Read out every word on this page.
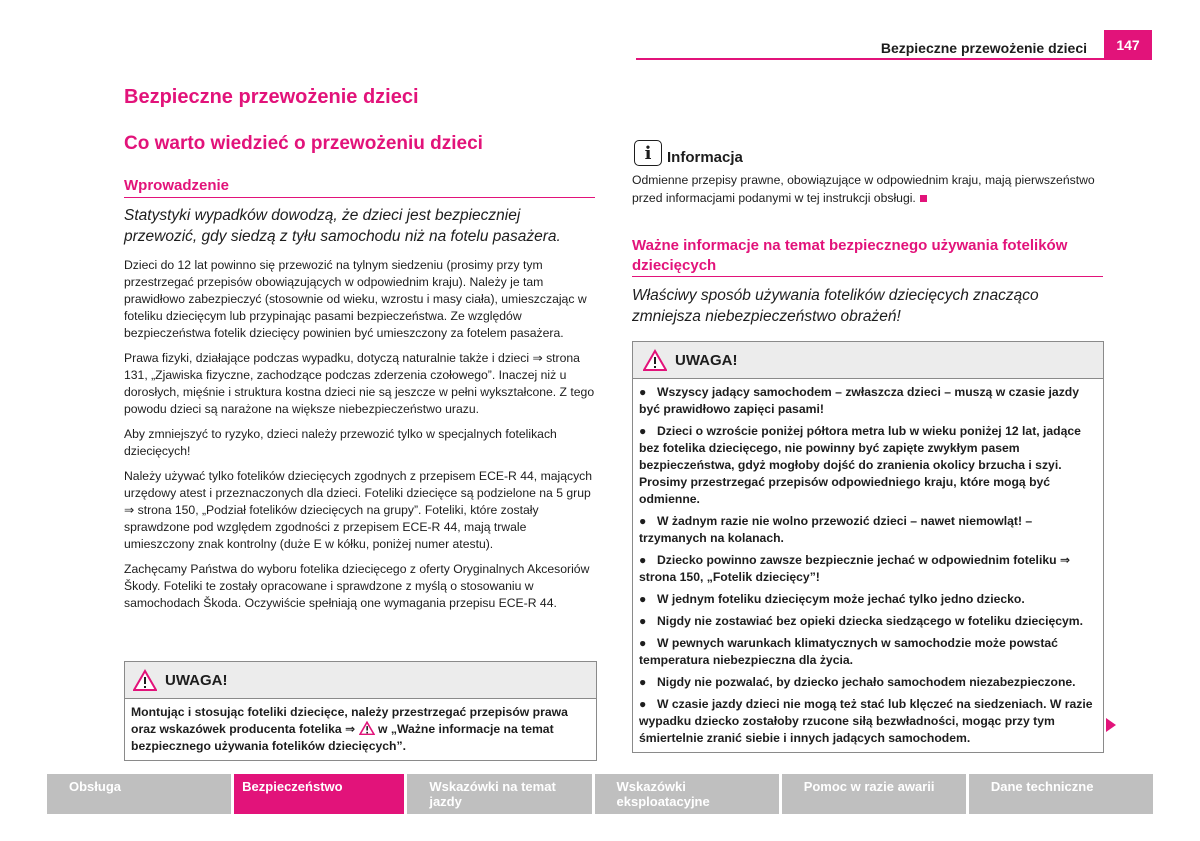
Bezpieczne przewożenie dzieci	147
Bezpieczne przewożenie dzieci
Co warto wiedzieć o przewożeniu dzieci
Wprowadzenie
Statystyki wypadków dowodzą, że dzieci jest bezpieczniej przewozić, gdy siedzą z tyłu samochodu niż na fotelu pasażera.

Dzieci do 12 lat powinno się przewozić na tylnym siedzeniu (prosimy przy tym przestrzegać przepisów obowiązujących w odpowiednim kraju). Należy je tam prawidłowo zabezpieczyć (stosownie od wieku, wzrostu i masy ciała), umieszczając w foteliku dziecięcym lub przypinając pasami bezpieczeństwa. Ze względów bezpieczeństwa fotelik dziecięcy powinien być umieszczony za fotelem pasażera.

Prawa fizyki, działające podczas wypadku, dotyczą naturalnie także i dzieci ⇒ strona 131, „Zjawiska fizyczne, zachodzące podczas zderzenia czołowego”. Inaczej niż u dorosłych, mięśnie i struktura kostna dzieci nie są jeszcze w pełni wykształcone. Z tego powodu dzieci są narażone na większe niebezpieczeństwo urazu.

Aby zmniejszyć to ryzyko, dzieci należy przewozić tylko w specjalnych fotelikach dziecięcych!

Należy używać tylko fotelików dziecięcych zgodnych z przepisem ECE-R 44, mających urzędowy atest i przeznaczonych dla dzieci. Foteliki dziecięce są podzielone na 5 grup ⇒ strona 150, „Podział fotelików dziecięcych na grupy”. Foteliki, które zostały sprawdzone pod względem zgodności z przepisem ECE-R 44, mają trwale umieszczony znak kontrolny (duże E w kółku, poniżej numer atestu).

Zachęcamy Państwa do wyboru fotelika dziecięcego z oferty Oryginalnych Akcesoriów Škody. Foteliki te zostały opracowane i sprawdzone z myślą o stosowaniu w samochodach Škoda. Oczywiście spełniają one wymagania przepisu ECE-R 44.

UWAGA!
Montując i stosując foteliki dziecięce, należy przestrzegać przepisów prawa oraz wskazówek producenta fotelika ⇒ w „Ważne informacje na temat bezpiecznego używania fotelików dziecięcych”.
i	Informacja
Odmienne przepisy prawne, obowiązujące w odpowiednim kraju, mają pierwszeństwo przed informacjami podanymi w tej instrukcji obsługi.
Ważne informacje na temat bezpiecznego używania fotelików dziecięcych
Właściwy sposób używania fotelików dziecięcych znacząco zmniejsza niebezpieczeństwo obrażeń!
UWAGA!

● Wszyscy jadący samochodem – zwłaszcza dzieci – muszą w czasie jazdy być prawidłowo zapięci pasami!

● Dzieci o wzroście poniżej półtora metra lub w wieku poniżej 12 lat, jadące bez fotelika dziecięcego, nie powinny być zapięte zwykłym pasem bezpieczeństwa, gdyż mogłoby dojść do zranienia okolicy brzucha i szyi. Prosimy przestrzegać przepisów odpowiedniego kraju, które mogą być odmienne.

● W żadnym razie nie wolno przewozić dzieci – nawet niemowląt! – trzymanych na kolanach.

● Dziecko powinno zawsze bezpiecznie jechać w odpowiednim foteliku ⇒ strona 150, „Fotelik dziecięcy”!

● W jednym foteliku dziecięcym może jechać tylko jedno dziecko.

● Nigdy nie zostawiać bez opieki dziecka siedzącego w foteliku dziecięcym.

● W pewnych warunkach klimatycznych w samochodzie może powstać temperatura niebezpieczna dla życia.

● Nigdy nie pozwalać, by dziecko jechało samochodem niezabezpieczone.

● W czasie jazdy dzieci nie mogą też stać lub klęczeć na siedzeniach. W razie wypadku dziecko zostałoby rzucone siłą bezwładności, mogąc przy tym śmiertelnie zranić siebie i innych jadących samochodem.

Obsługa	Bezpieczeństwo	Wskazówki na temat jazdy
Wskazówki eksploatacyjne
Pomoc w razie awarii	Dane techniczne
